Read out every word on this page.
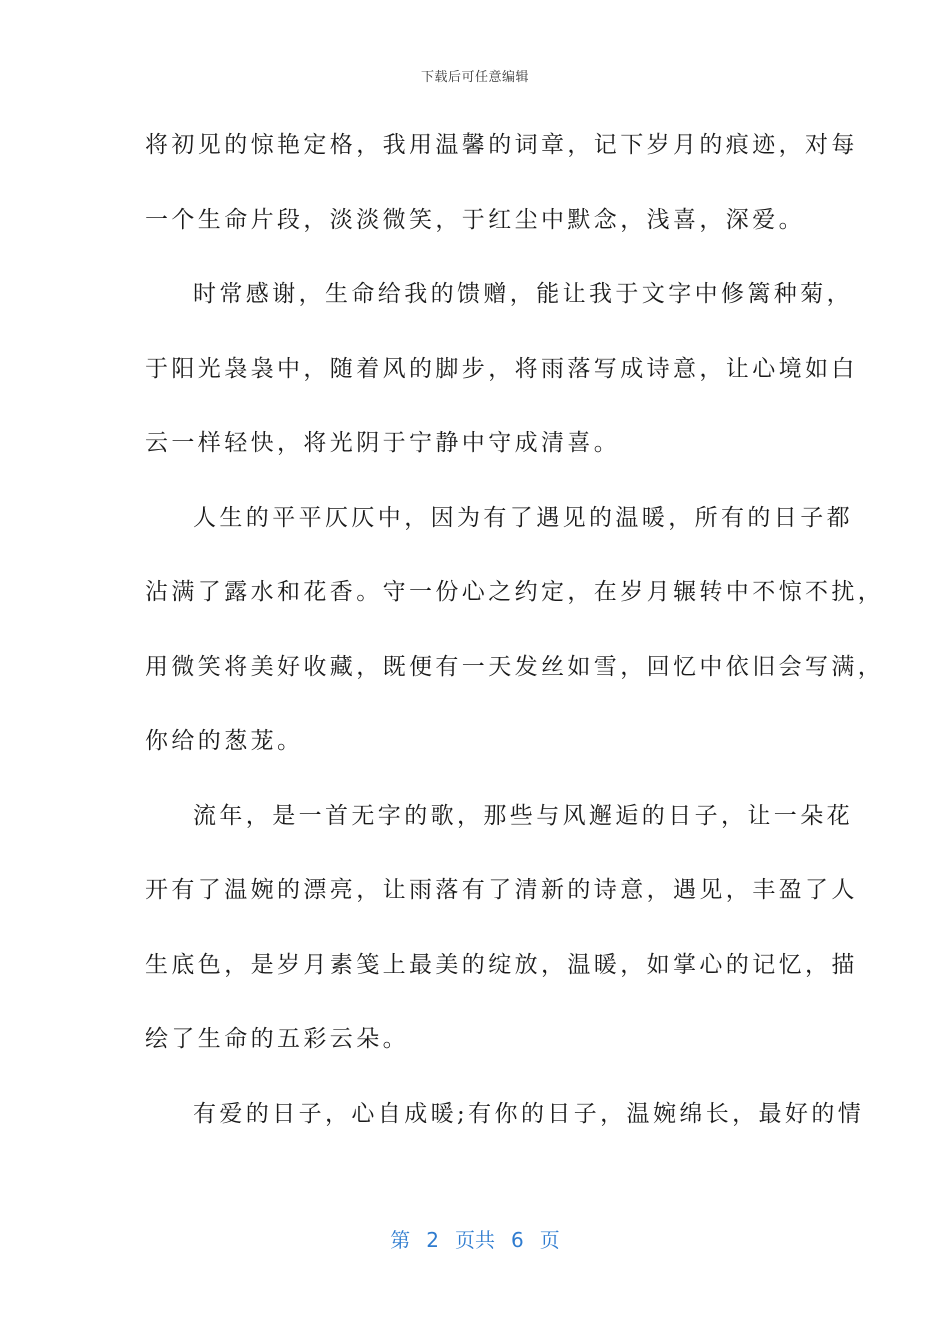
下载后可任意编辑
将初见的惊艳定格，我用温馨的词章，记下岁月的痕迹，对每
一个生命片段，淡淡微笑，于红尘中默念，浅喜，深爱。
时常感谢，生命给我的馈赠，能让我于文字中修篱种菊，
于阳光袅袅中，随着风的脚步，将雨落写成诗意，让心境如白
云一样轻快，将光阴于宁静中守成清喜。
人生的平平仄仄中，因为有了遇见的温暖，所有的日子都
沾满了露水和花香。守一份心之约定，在岁月辗转中不惊不扰，
用微笑将美好收藏，既便有一天发丝如雪，回忆中依旧会写满，
你给的葱茏。
流年，是一首无字的歌，那些与风邂逅的日子，让一朵花
开有了温婉的漂亮，让雨落有了清新的诗意，遇见，丰盈了人
生底色，是岁月素笺上最美的绽放，温暖，如掌心的记忆，描
绘了生命的五彩云朵。
有爱的日子，心自成暖;有你的日子，温婉绵长，最好的情
第 2 页共 6 页
